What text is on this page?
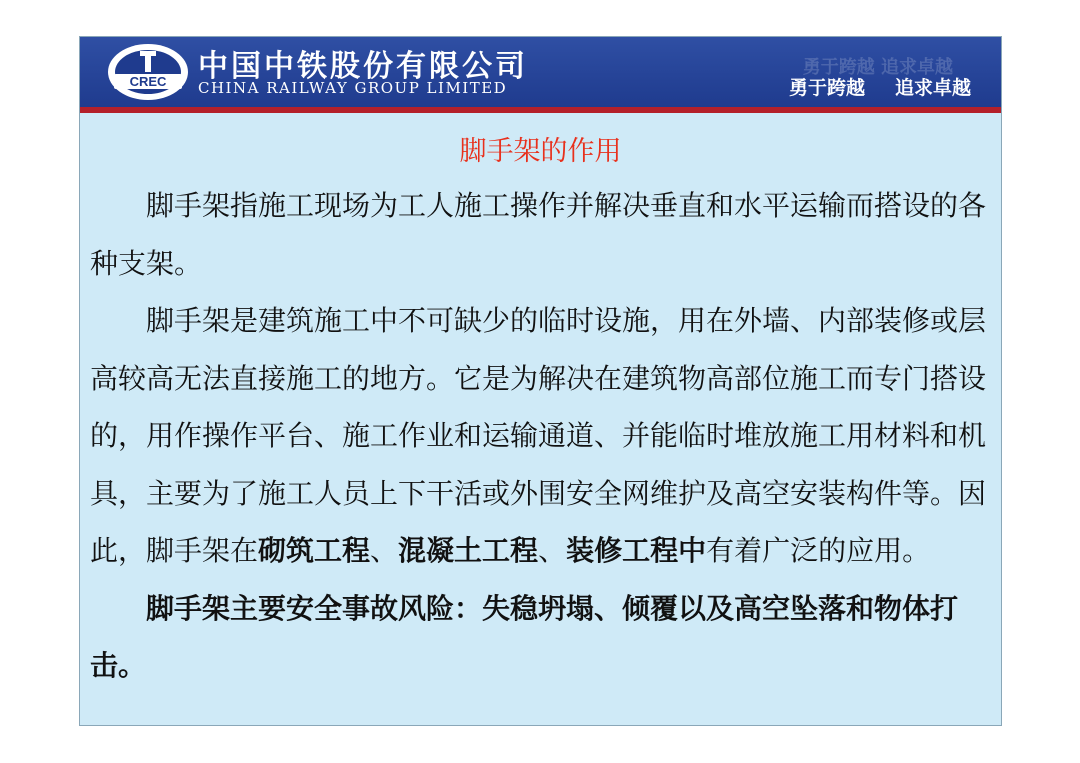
CREC 中国中铁股份有限公司
CHINA RAILWAY GROUP LIMITED
勇于跨越 追求卓越
勇于跨越 追求卓越
脚手架的作用

脚手架指施工现场为工人施工操作并解决垂直和水平运输而搭设的各种支架。

脚手架是建筑施工中不可缺少的临时设施，用在外墙、内部装修或层高较高无法直接施工的地方。它是为解决在建筑物高部位施工而专门搭设的，用作操作平台、施工作业和运输通道、并能临时堆放施工用材料和机具，主要为了施工人员上下干活或外围安全网维护及高空安装构件等。因此，脚手架在砌筑工程、混凝土工程、装修工程中有着广泛的应用。

脚手架主要安全事故风险：失稳坍塌、倾覆以及高空坠落和物体打击。
